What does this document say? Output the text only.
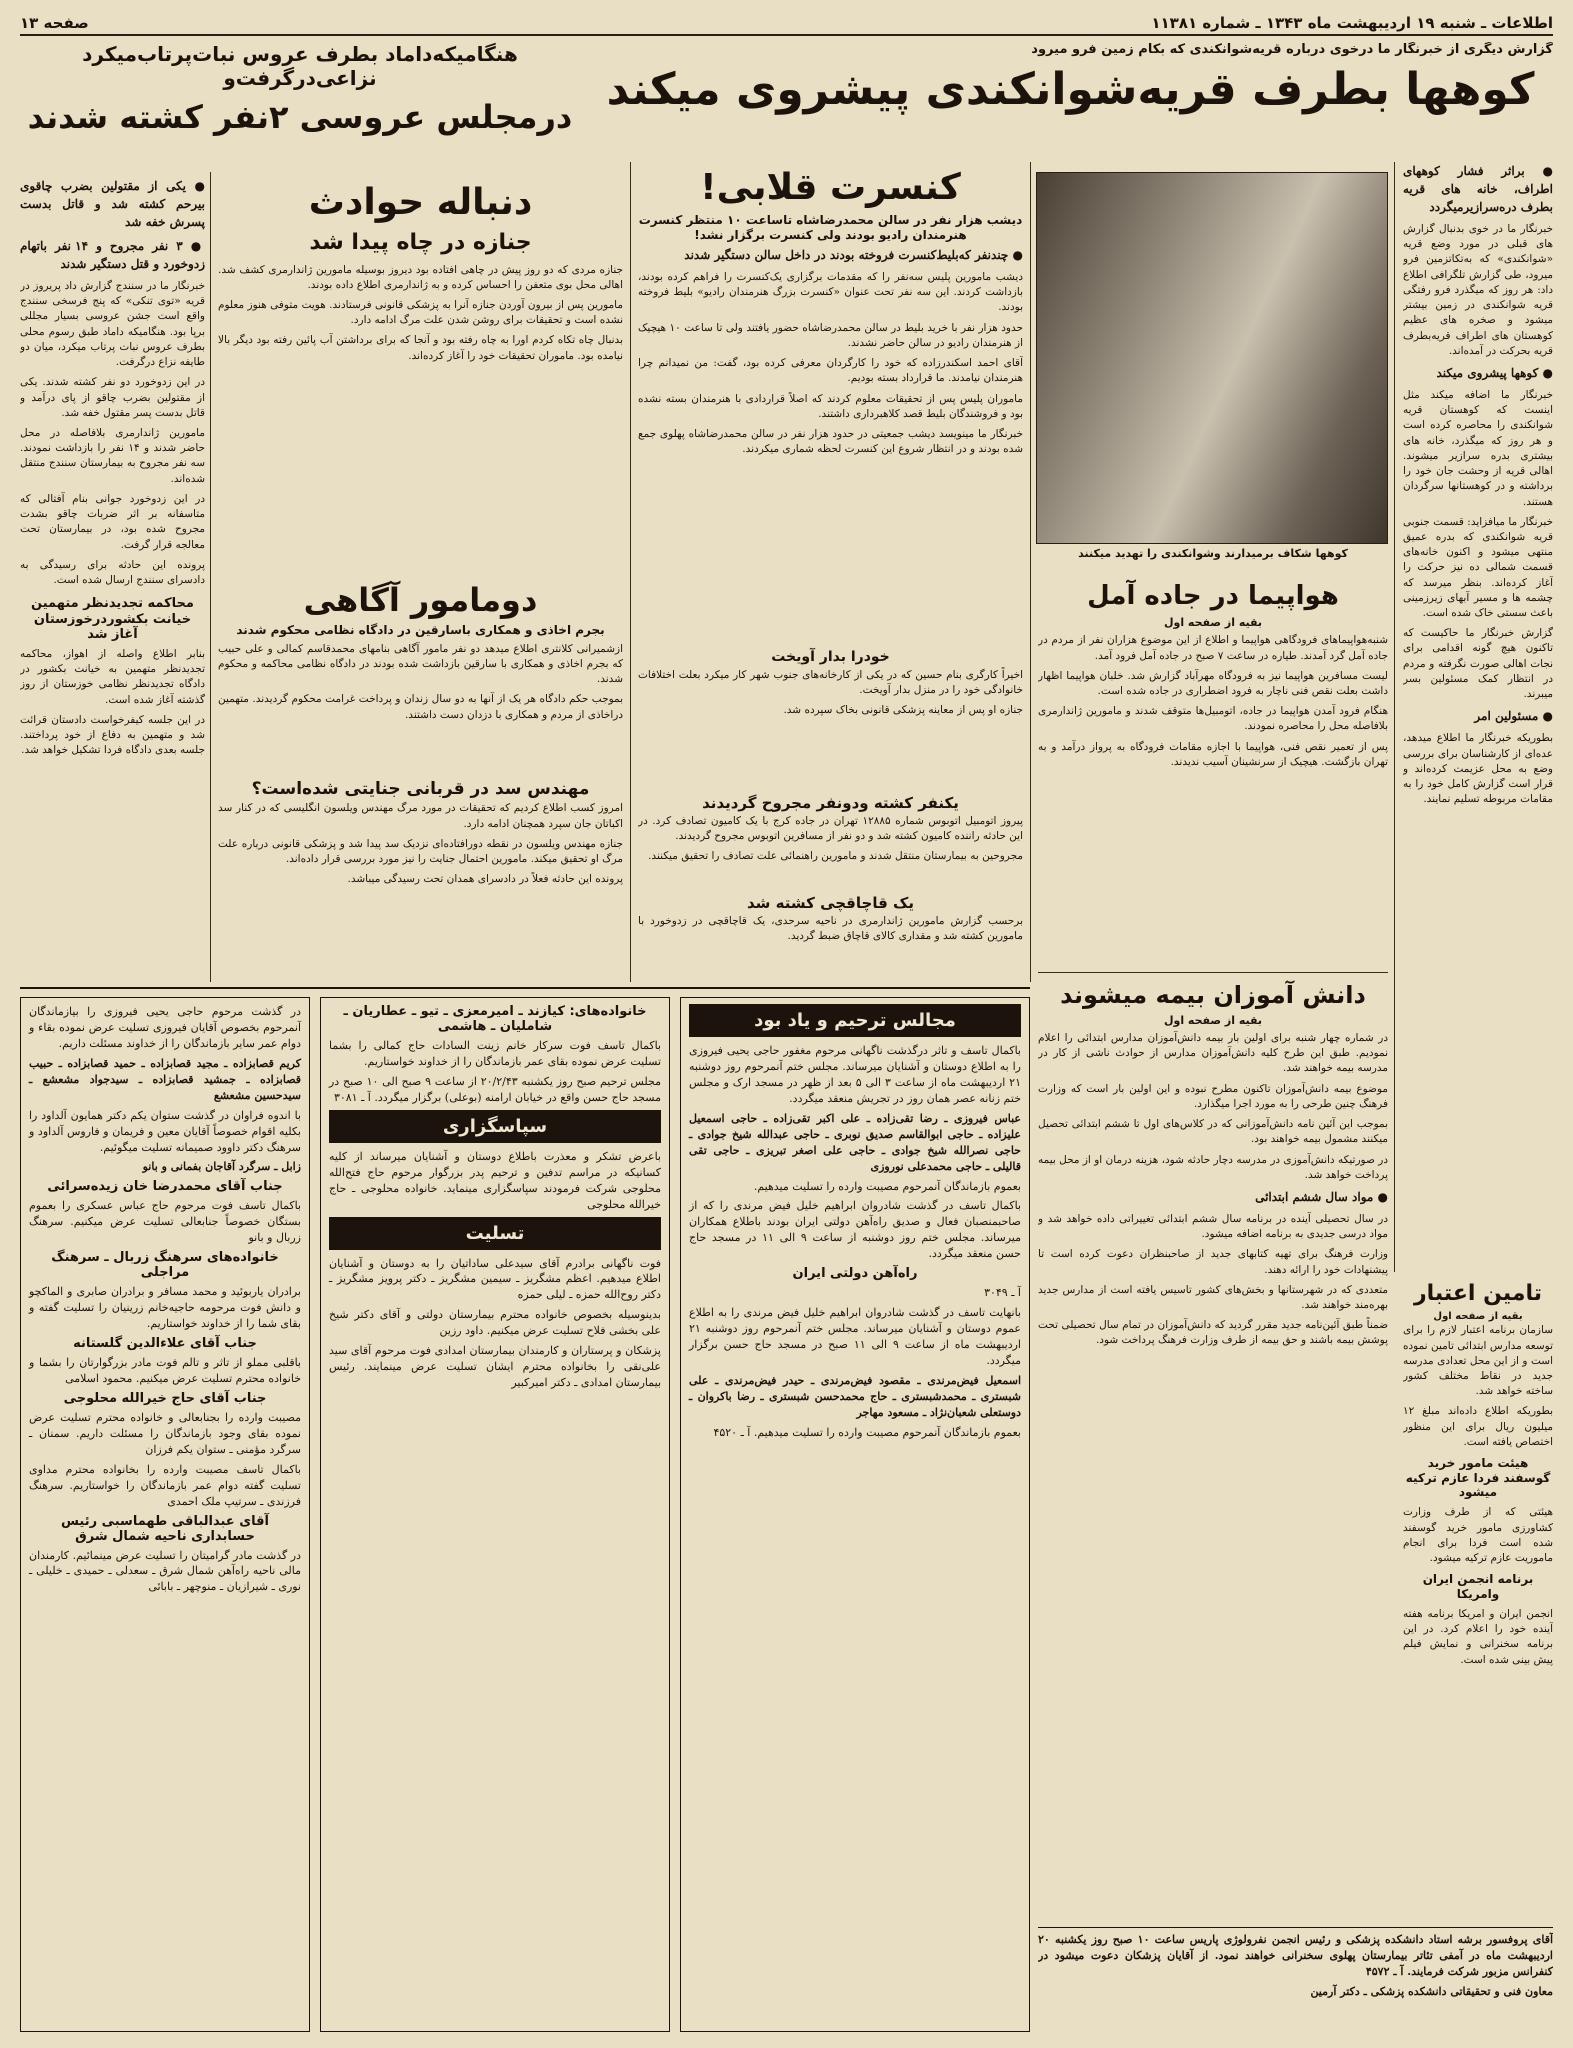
اطلاعات ـ شنبه ۱۹ اردیبهشت ماه ۱۳۴۳ ـ شماره ۱۱۳۸۱
صفحه ۱۳
گزارش دیگری از خبرنگار ما درخوی درباره قریه‌شوانکندی که بکام زمین فرو میرود
کوهها بطرف قریه‌شوانکندی پیشروی میکند
هنگامیکه‌داماد بطرف عروس نبات‌پرتاب‌میکرد نزاعی‌درگرفت‌و
درمجلس عروسی ۲نفر کشته شدند

● براثر فشار کوههای اطراف، خانه های قریه بطرف دره‌سرازیرمیگردد

خبرنگار ما در خوی بدنبال گزارش های قبلی در مورد وضع قریه «شوانکندی» که به‌تکاتزمین فرو میرود، طی گزارش تلگرافی اطلاع داد: هر روز که میگذرد فرو رفتگی قریه شوانکندی در زمین بیشتر میشود و صخره های عظیم کوهستان های اطراف قریه‌بطرف قریه بحرکت در آمده‌اند.

● کوهها پیشروی میکند

خبرنگار ما اضافه میکند مثل اینست که کوهستان قریه شوانکندی را محاصره کرده است و هر روز که میگذرد، خانه های بیشتری بدره سرازیر میشوند. اهالی قریه از وحشت جان خود را برداشته و در کوهستانها سرگردان هستند.

خبرنگار ما میافزاید: قسمت جنوبی قریه شوانکندی که بدره عمیق منتهی میشود و اکنون خانه‌های قسمت شمالی ده نیز حرکت را آغاز کرده‌اند. بنظر میرسد که چشمه ها و مسیر آبهای زیرزمینی باعث سستی خاک شده است.

گزارش خبرنگار ما حاکیست که تاکنون هیچ گونه اقدامی برای نجات اهالی صورت نگرفته و مردم در انتظار کمک مسئولین بسر میبرند.

● مسئولین امر

بطوریکه خبرنگار ما اطلاع میدهد، عده‌ای از کارشناسان برای بررسی وضع به محل عزیمت کرده‌اند و قرار است گزارش کامل خود را به مقامات مربوطه تسلیم نمایند.

کوهها شکاف برمیدارند وشوانکندی را تهدید میکنند
هواپیما در جاده آمل
بقیه از صفحه اول

شنبه‌هواپیماهای فرودگاهی هواپیما و اطلاع از این موضوع هزاران نفر از مردم در جاده آمل گرد آمدند. طیاره در ساعت ۷ صبح در جاده آمل فرود آمد.

لیست مسافرین هواپیما نیز به فرودگاه مهرآباد گزارش شد. خلبان هواپیما اظهار داشت بعلت نقص فنی ناچار به فرود اضطراری در جاده شده است.

هنگام فرود آمدن هواپیما در جاده، اتومبیل‌ها متوقف شدند و مامورین ژاندارمری بلافاصله محل را محاصره نمودند.

پس از تعمیر نقص فنی، هواپیما با اجازه مقامات فرودگاه به پرواز درآمد و به تهران بازگشت. هیچیک از سرنشینان آسیب ندیدند.

دانش آموزان بیمه میشوند
بقیه از صفحه اول

در شماره چهار شنبه برای اولین بار بیمه دانش‌آموزان مدارس ابتدائی را اعلام نمودیم. طبق این طرح کلیه دانش‌آموزان مدارس از حوادث ناشی از کار در مدرسه بیمه خواهند شد.

موضوع بیمه دانش‌آموزان تاکنون مطرح نبوده و این اولین بار است که وزارت فرهنگ چنین طرحی را به مورد اجرا میگذارد.

بموجب این آئین نامه دانش‌آموزانی که در کلاس‌های اول تا ششم ابتدائی تحصیل میکنند مشمول بیمه خواهند بود.

در صورتیکه دانش‌آموزی در مدرسه دچار حادثه شود، هزینه درمان او از محل بیمه پرداخت خواهد شد.

● مواد سال ششم ابتدائی

در سال تحصیلی آینده در برنامه سال ششم ابتدائی تغییراتی داده خواهد شد و مواد درسی جدیدی به برنامه اضافه میشود.

وزارت فرهنگ برای تهیه کتابهای جدید از صاحبنظران دعوت کرده است تا پیشنهادات خود را ارائه دهند.

متعددی که در شهرستانها و بخش‌های کشور تاسیس یافته است از مدارس جدید بهره‌مند خواهند شد.

ضمناً طبق آئین‌نامه جدید مقرر گردید که دانش‌آموزان در تمام سال تحصیلی تحت پوشش بیمه باشند و حق بیمه از طرف وزارت فرهنگ پرداخت شود.

تامین اعتبار
بقیه از صفحه اول

سازمان برنامه اعتبار لازم را برای توسعه مدارس ابتدائی تامین نموده است و از این محل تعدادی مدرسه جدید در نقاط مختلف کشور ساخته خواهد شد.

بطوریکه اطلاع داده‌اند مبلغ ۱۲ میلیون ریال برای این منظور اختصاص یافته است.

هیئت مامور خرید گوسفند فردا عازم ترکیه میشود

هیئتی که از طرف وزارت کشاورزی مامور خرید گوسفند شده است فردا برای انجام ماموریت عازم ترکیه میشود.

برنامه انجمن ایران وامریکا

انجمن ایران و امریکا برنامه هفته آینده خود را اعلام کرد. در این برنامه سخنرانی و نمایش فیلم پیش بینی شده است.

آقای پروفسور برشه استاد دانشکده پزشکی و رئیس انجمن نفرولوژی پاریس ساعت ۱۰ صبح روز یکشنبه ۲۰ اردیبهشت ماه در آمفی تئاتر بیمارستان پهلوی سخنرانی خواهند نمود. از آقایان پزشکان دعوت میشود در کنفرانس مزبور شرکت فرمایند. آ ـ ۴۵۷۲

معاون فنی و تحقیقاتی دانشکده پزشکی ـ دکتر آرمین

کنسرت قلابی!
دیشب هزار نفر در سالن محمدرضاشاه تاساعت ۱۰ منتظر کنسرت هنرمندان رادیو بودند ولی کنسرت برگزار نشد!

● چندنفر که‌بلیط‌کنسرت فروخته بودند در داخل سالن دستگیر شدند

دیشب مامورین پلیس سه‌نفر را که مقدمات برگزاری یک‌کنسرت را فراهم کرده بودند، بازداشت کردند. این سه نفر تحت عنوان «کنسرت بزرگ هنرمندان رادیو» بلیط فروخته بودند.

حدود هزار نفر با خرید بلیط در سالن محمدرضاشاه حضور یافتند ولی تا ساعت ۱۰ هیچیک از هنرمندان رادیو در سالن حاضر نشدند.

آقای احمد اسکندرزاده که خود را کارگردان معرفی کرده بود، گفت: من نمیدانم چرا هنرمندان نیامدند. ما قرارداد بسته بودیم.

ماموران پلیس پس از تحقیقات معلوم کردند که اصلاً قراردادی با هنرمندان بسته نشده بود و فروشندگان بلیط قصد کلاهبرداری داشتند.

خبرنگار ما مینویسد دیشب جمعیتی در حدود هزار نفر در سالن محمدرضاشاه پهلوی جمع شده بودند و در انتظار شروع این کنسرت لحظه شماری میکردند.

خودرا بدار آویخت

اخیراً کارگری بنام حسین که در یکی از کارخانه‌های جنوب شهر کار میکرد بعلت اختلافات خانوادگی خود را در منزل بدار آویخت.

جنازه او پس از معاینه پزشکی قانونی بخاک سپرده شد.

یکنفر کشته ودونفر مجروح گردیدند

پیروز اتومبیل اتوبوس شماره ۱۲۸۸۵ تهران در جاده کرج با یک کامیون تصادف کرد. در این حادثه راننده کامیون کشته شد و دو نفر از مسافرین اتوبوس مجروح گردیدند.

مجروحین به بیمارستان منتقل شدند و مامورین راهنمائی علت تصادف را تحقیق میکنند.

یک قاچاقچی کشته شد

برحسب گزارش مامورین ژاندارمری در ناحیه سرحدی، یک قاچاقچی در زدوخورد با مامورین کشته شد و مقداری کالای قاچاق ضبط گردید.

دنباله حوادث
جنازه در چاه پیدا شد

جنازه مردی که دو روز پیش در چاهی افتاده بود دیروز بوسیله مامورین ژاندارمری کشف شد. اهالی محل بوی متعفن را احساس کرده و به ژاندارمری اطلاع داده بودند.

مامورین پس از بیرون آوردن جنازه آنرا به پزشکی قانونی فرستادند. هویت متوفی هنوز معلوم نشده است و تحقیقات برای روشن شدن علت مرگ ادامه دارد.

بدنبال چاه تکاه کردم اورا به چاه رفته بود و آنجا که برای برداشتن آب پائین رفته بود دیگر بالا نیامده بود. ماموران تحقیقات خود را آغاز کرده‌اند.

دومامور آگاهی
بجرم اخاذی و همکاری باسارقین در دادگاه نظامی محکوم شدند

ازشمیرانی کلانتری اطلاع میدهد دو نفر مامور آگاهی بنامهای محمدقاسم کمالی و علی حبیب که بجرم اخاذی و همکاری با سارقین بازداشت شده بودند در دادگاه نظامی محاکمه و محکوم شدند.

بموجب حکم دادگاه هر یک از آنها به دو سال زندان و پرداخت غرامت محکوم گردیدند. متهمین دراخاذی از مردم و همکاری با دزدان دست داشتند.

مهندس سد در قربانی جنایتی شده‌است؟

امروز کسب اطلاع کردیم که تحقیقات در مورد مرگ مهندس ویلسون انگلیسی که در کنار سد اکباتان جان سپرد همچنان ادامه دارد.

جنازه مهندس ویلسون در نقطه دورافتاده‌ای نزدیک سد پیدا شد و پزشکی قانونی درباره علت مرگ او تحقیق میکند. مامورین احتمال جنایت را نیز مورد بررسی قرار داده‌اند.

پرونده این حادثه فعلاً در دادسرای همدان تحت رسیدگی میباشد.

● یکی از مقتولین بضرب چاقوی بیرحم کشته شد و قاتل بدست پسرش خفه شد

● ۳ نفر مجروح و ۱۴ نفر باتهام زدوخورد و قتل دستگیر شدند

خبرنگار ما در سنندج گزارش داد پریروز در قریه «توی تنکی» که پنج فرسخی سنندج واقع است جشن عروسی بسیار مجللی برپا بود. هنگامیکه داماد طبق رسوم محلی بطرف عروس نبات پرتاب میکرد، میان دو طایفه نزاع درگرفت.

در این زدوخورد دو نفر کشته شدند. یکی از مقتولین بضرب چاقو از پای درآمد و قاتل بدست پسر مقتول خفه شد.

مامورین ژاندارمری بلافاصله در محل حاضر شدند و ۱۴ نفر را بازداشت نمودند. سه نفر مجروح به بیمارستان سنندج منتقل شده‌اند.

در این زدوخورد جوانی بنام آفتالی که متاسفانه بر اثر ضربات چاقو بشدت مجروح شده بود، در بیمارستان تحت معالجه قرار گرفت.

پرونده این حادثه برای رسیدگی به دادسرای سنندج ارسال شده است.

محاکمه تجدیدنظر متهمین خیانت بکشوردرخوزستان آغاز شد

بنابر اطلاع واصله از اهواز، محاکمه تجدیدنظر متهمین به خیانت بکشور در دادگاه تجدیدنظر نظامی خوزستان از روز گذشته آغاز شده است.

در این جلسه کیفرخواست دادستان قرائت شد و متهمین به دفاع از خود پرداختند. جلسه بعدی دادگاه فردا تشکیل خواهد شد.

در گذشت مرحوم حاجی یحیی فیروزی را بیازماندگان آنمرحوم بخصوص آقایان فیروزی تسلیت عرض نموده بقاء و دوام عمر سایر بازماندگان را از خداوند مسئلت داریم.

کریم قصابزاده ـ مجید قصابزاده ـ حمید قصابزاده ـ حبیب قصابزاده ـ جمشید قصابزاده ـ سیدجواد مشعشع ـ سیدحسین مشعشع

با اندوه فراوان در گذشت ستوان یکم دکتر همایون آلداود را بکلیه اقوام خصوصاً آقایان معین و فریمان و فاروس آلداود و سرهنگ دکتر داوود صمیمانه تسلیت میگوئیم.

زابل ـ سرگرد آقاجان بفمانی و بانو

جناب آقای محمدرضا خان زیده‌سرائی

باکمال تاسف فوت مرحوم حاج عباس عسکری را بعموم بستگان خصوصاً جنابعالی تسلیت عرض میکنیم. سرهنگ زربال و بانو

خانواده‌های سرهنگ زربال ـ سرهنگ مراجلی

برادران یاربوئید و محمد مسافر و برادران صابری و الماکچو و دانش فوت مرحومه حاجیه‌خانم زرینیان را تسلیت گفته و بقای شما را از خداوند خواستاریم.

جناب آقای علاءالدین گلستانه

باقلبی مملو از تاثر و تالم فوت مادر بزرگوارتان را بشما و خانواده محترم تسلیت عرض میکنیم. محمود اسلامی

جناب آقای حاج خیرالله محلوجی

مصیبت وارده را بجنابعالی و خانواده محترم تسلیت عرض نموده بقای وجود بازماندگان را مسئلت داریم. سمنان ـ سرگرد مؤمنی ـ ستوان یکم فرزان

باکمال تاسف مصیبت وارده را بخانواده محترم مداوی تسلیت گفته دوام عمر بازماندگان را خواستاریم. سرهنگ فرزندی ـ سرتیپ ملک احمدی

آقای عبدالباقی طهماسبی رئیس حسابداری ناحیه شمال شرق

در گذشت مادر گرامیتان را تسلیت عرض مینمائیم. کارمندان مالی ناحیه راه‌آهن شمال شرق ـ سعدلی ـ حمیدی ـ خلیلی ـ نوری ـ شیرازیان ـ منوچهر ـ بابائی

خانواده‌های: کیازند ـ امیرمعزی ـ تیو ـ عطاریان ـ شاملیان ـ هاشمی

باکمال تاسف فوت سرکار خانم زینت السادات حاج کمالی را بشما تسلیت عرض نموده بقای عمر بازماندگان را از خداوند خواستاریم.

مجلس ترحیم صبح روز یکشنبه ۲۰/۲/۴۳ از ساعت ۹ صبح الی ۱۰ صبح در مسجد حاج حسن واقع در خیابان ارامنه (بوعلی) برگزار میگردد. آ ـ ۳۰۸۱

سپاسگزاری

باعرض تشکر و معذرت باطلاع دوستان و آشنایان میرساند از کلیه کسانیکه در مراسم تدفین و ترحیم پدر بزرگوار مرحوم حاج فتح‌الله محلوجی شرکت فرمودند سپاسگزاری مینماید. خانواده محلوجی ـ حاج خیرالله محلوجی

تسلیت

فوت ناگهانی برادرم آقای سیدعلی ساداتیان را به دوستان و آشنایان اطلاع میدهیم. اعظم مشگریز ـ سیمین مشگریز ـ دکتر پرویز مشگریز ـ دکتر روح‌الله حمزه ـ لیلی حمزه

بدینوسیله بخصوص خانواده محترم بیمارستان دولتی و آقای دکتر شیخ علی بخشی فلاح تسلیت عرض میکنیم. داود رزین

پزشکان و پرستاران و کارمندان بیمارستان امدادی فوت مرحوم آقای سید علی‌نقی را بخانواده محترم ایشان تسلیت عرض مینمایند. رئیس بیمارستان امدادی ـ دکتر امیرکبیر

مجالس ترحیم و یاد بود

باکمال تاسف و تاثر درگذشت ناگهانی مرحوم مغفور حاجی یحیی فیروزی را به اطلاع دوستان و آشنایان میرساند. مجلس ختم آنمرحوم روز دوشنبه ۲۱ اردیبهشت ماه از ساعت ۳ الی ۵ بعد از ظهر در مسجد ارک و مجلس ختم زنانه عصر همان روز در تجریش منعقد میگردد.

عباس فیروزی ـ رضا تقی‌زاده ـ علی اکبر تقی‌زاده ـ حاجی اسمعیل علیزاده ـ حاجی ابوالقاسم صدیق نوبری ـ حاجی عبدالله شیخ جوادی ـ حاجی نصرالله شیخ جوادی ـ حاجی علی اصغر تبریزی ـ حاجی تقی قالیلی ـ حاجی محمدعلی نوروزی

بعموم بازماندگان آنمرحوم مصیبت وارده را تسلیت میدهیم.

باکمال تاسف در گذشت شادروان ابراهیم خلیل فیض مرندی را که از صاحبمنصبان فعال و صدیق راه‌آهن دولتی ایران بودند باطلاع همکاران میرساند. مجلس ختم روز دوشنبه از ساعت ۹ الی ۱۱ در مسجد حاج حسن منعقد میگردد.

راه‌آهن دولتی ایران

آ ـ ۳۰۴۹

بانهایت تاسف در گذشت شادروان ابراهیم خلیل فیض مرندی را به اطلاع عموم دوستان و آشنایان میرساند. مجلس ختم آنمرحوم روز دوشنبه ۲۱ اردیبهشت ماه از ساعت ۹ الی ۱۱ صبح در مسجد حاج حسن برگزار میگردد.

اسمعیل فیض‌مرندی ـ مقصود فیض‌مرندی ـ حیدر فیض‌مرندی ـ علی شبستری ـ محمدشبستری ـ حاج محمدحسن شبستری ـ رضا باکروان ـ دوستعلی شعبان‌نژاد ـ مسعود مهاجر

بعموم بازماندگان آنمرحوم مصیبت وارده را تسلیت میدهیم. آ ـ ۴۵۲۰
